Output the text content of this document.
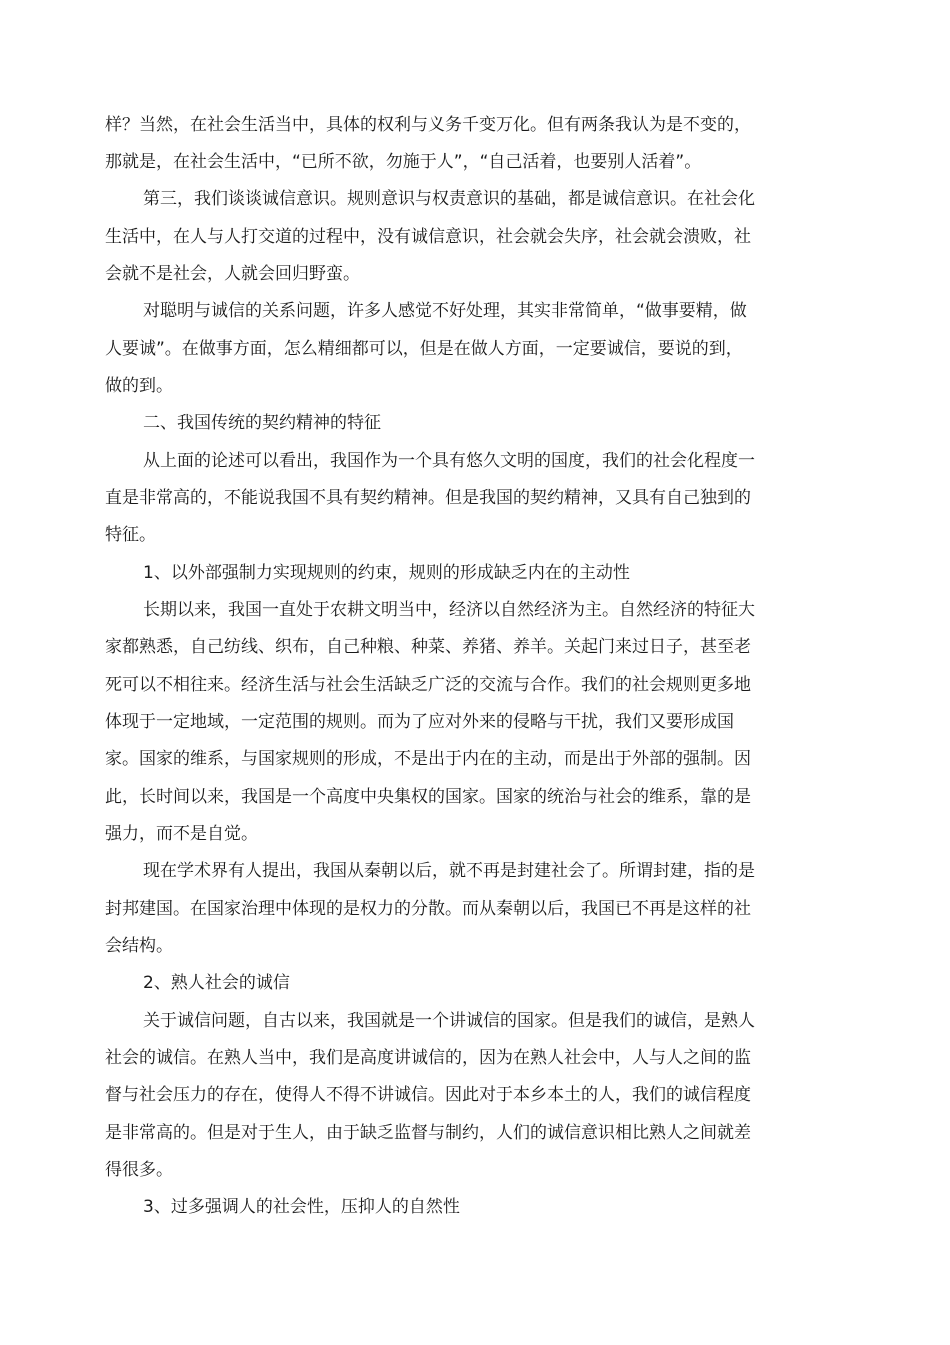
样？当然，在社会生活当中，具体的权利与义务千变万化。但有两条我认为是不变的，

那就是，在社会生活中，“已所不欲，勿施于人”，“自己活着，也要别人活着”。

第三，我们谈谈诚信意识。规则意识与权责意识的基础，都是诚信意识。在社会化

生活中，在人与人打交道的过程中，没有诚信意识，社会就会失序，社会就会溃败，社

会就不是社会，人就会回归野蛮。

对聪明与诚信的关系问题，许多人感觉不好处理，其实非常简单，“做事要精，做

人要诚”。在做事方面，怎么精细都可以，但是在做人方面，一定要诚信，要说的到，

做的到。

二、我国传统的契约精神的特征

从上面的论述可以看出，我国作为一个具有悠久文明的国度，我们的社会化程度一

直是非常高的，不能说我国不具有契约精神。但是我国的契约精神，又具有自己独到的

特征。

1、以外部强制力实现规则的约束，规则的形成缺乏内在的主动性

长期以来，我国一直处于农耕文明当中，经济以自然经济为主。自然经济的特征大

家都熟悉，自己纺线、织布，自己种粮、种菜、养猪、养羊。关起门来过日子，甚至老

死可以不相往来。经济生活与社会生活缺乏广泛的交流与合作。我们的社会规则更多地

体现于一定地域，一定范围的规则。而为了应对外来的侵略与干扰，我们又要形成国

家。国家的维系，与国家规则的形成，不是出于内在的主动，而是出于外部的强制。因

此，长时间以来，我国是一个高度中央集权的国家。国家的统治与社会的维系，靠的是

强力，而不是自觉。

现在学术界有人提出，我国从秦朝以后，就不再是封建社会了。所谓封建，指的是

封邦建国。在国家治理中体现的是权力的分散。而从秦朝以后，我国已不再是这样的社

会结构。

2、熟人社会的诚信

关于诚信问题，自古以来，我国就是一个讲诚信的国家。但是我们的诚信，是熟人

社会的诚信。在熟人当中，我们是高度讲诚信的，因为在熟人社会中，人与人之间的监

督与社会压力的存在，使得人不得不讲诚信。因此对于本乡本土的人，我们的诚信程度

是非常高的。但是对于生人，由于缺乏监督与制约，人们的诚信意识相比熟人之间就差

得很多。

3、过多强调人的社会性，压抑人的自然性
